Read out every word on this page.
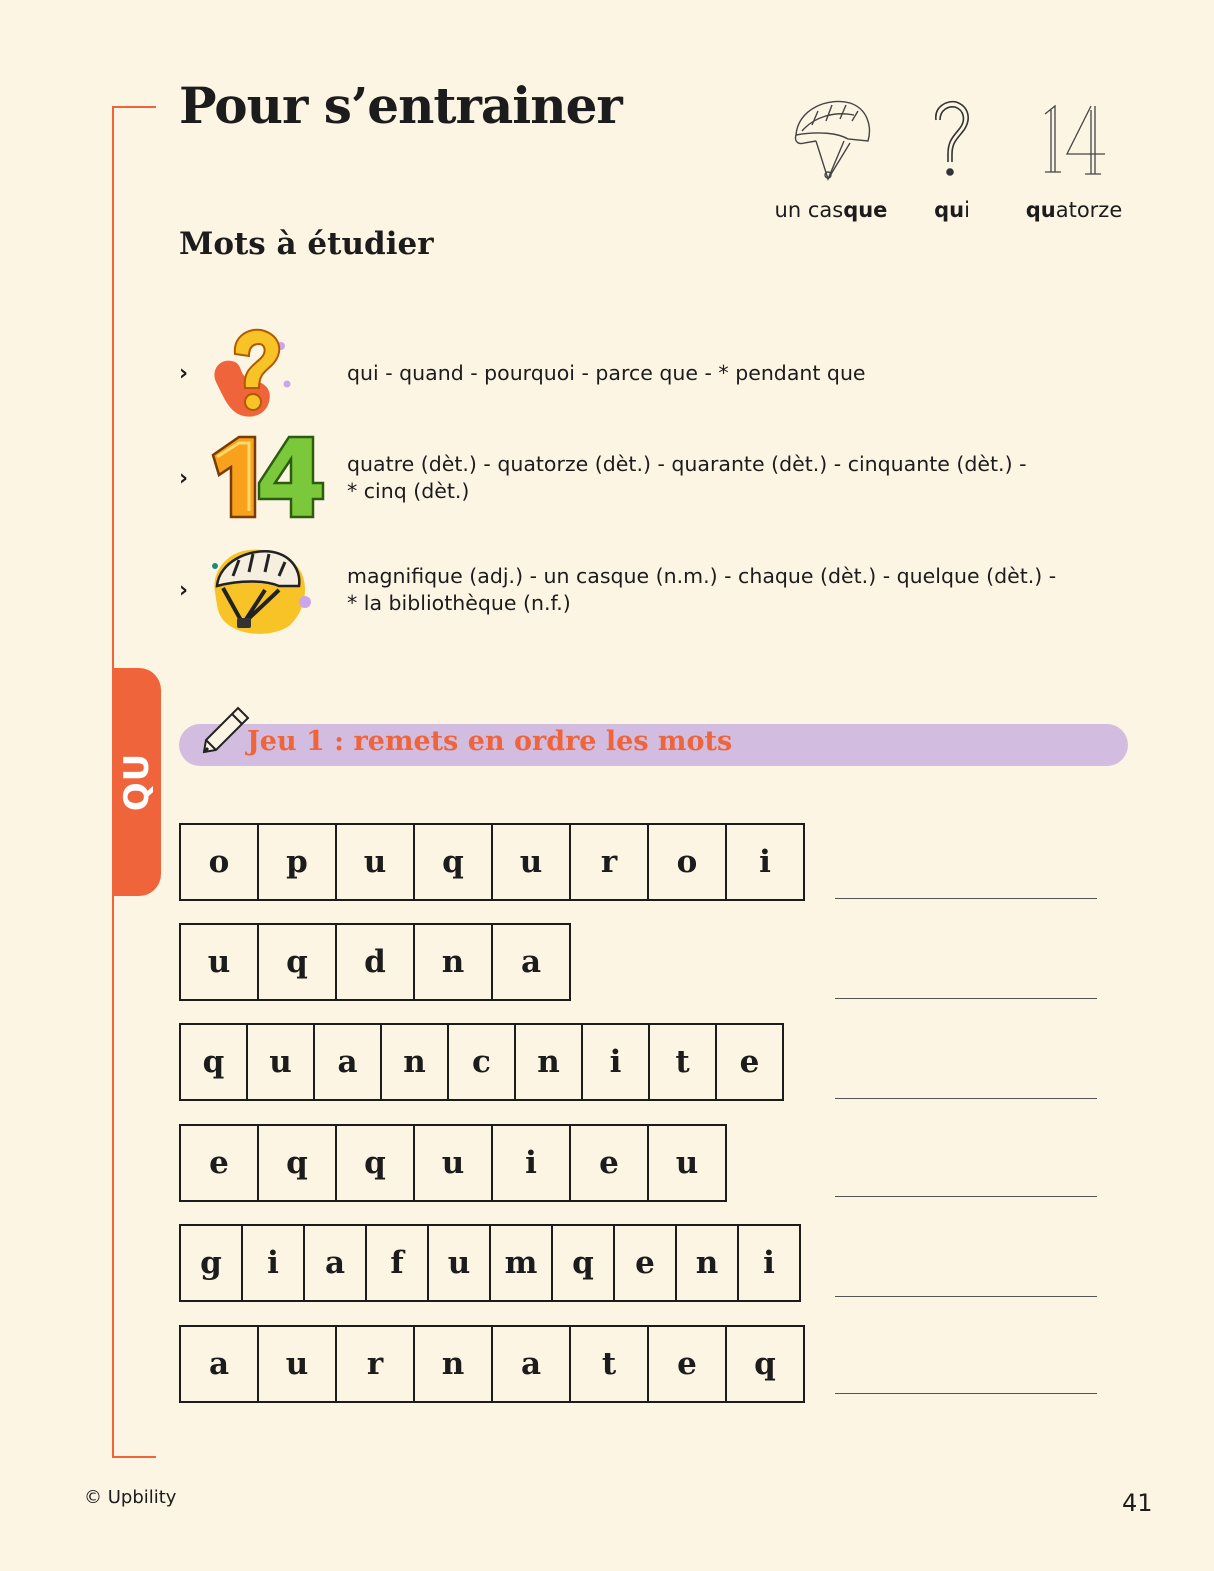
QU
Pour s’entrainer
Mots à étudier
un casque	qui	quatorze
›	qui - quand - pourquoi - parce que - * pendant que
›
quatre (dèt.) - quatorze (dèt.) - quarante (dèt.) - cinquante (dèt.) -
* cinq (dèt.)
›
magnifique (adj.) - un casque (n.m.) - chaque (dèt.) - quelque (dèt.) -
* la bibliothèque (n.f.)
Jeu 1 : remets en ordre les mots
o	p	u	q	u	r	o	i
u	q	d	n	a
q	u	a	n	c	n	i	t	e
e	q	q	u	i	e	u
g	i	a	f	u	m	q	e	n	i
a	u	r	n	a	t	e	q
© Upbility	41
